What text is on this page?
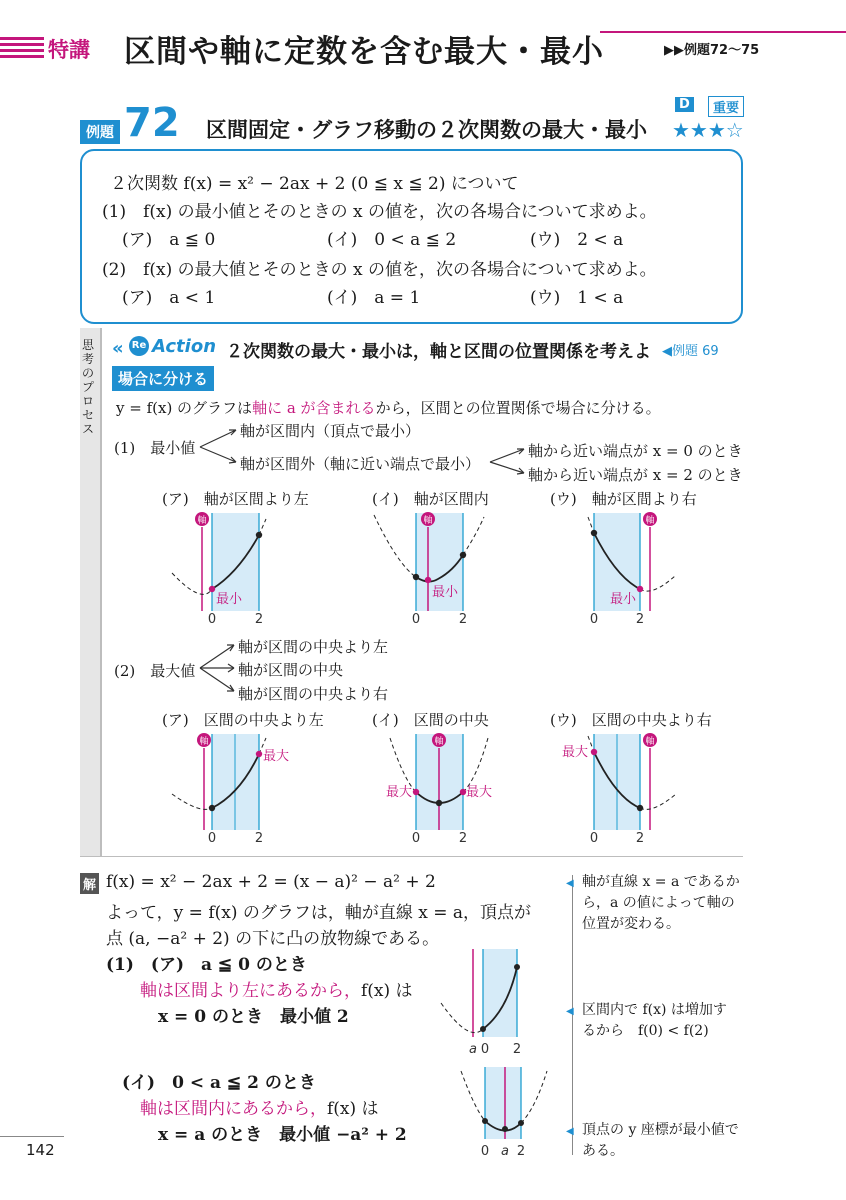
特講 区間や軸に定数を含む最大・最小	▶▶例題72〜75
例題 72 区間固定・グラフ移動の２次関数の最大・最小
D	重要
★★★☆
２次関数 f(x) = x² − 2ax + 2 (0 ≦ x ≦ 2) について
(1)　f(x) の最小値とそのときの x の値を，次の各場合について求めよ。
(ア)　a ≦ 0	(イ)　0 < a ≦ 2	(ウ)　2 < a
(2)　f(x) の最大値とそのときの x の値を，次の各場合について求めよ。
(ア)　a < 1	(イ)　a = 1	(ウ)　1 < a
思考のプロセス
« Re Action ２次関数の最大・最小は，軸と区間の位置関係を考えよ ◀例題 69
場合に分ける
y = f(x) のグラフは軸に a が含まれるから，区間との位置関係で場合に分ける。
(1)　最小値
軸が区間内（頂点で最小）
軸が区間外（軸に近い端点で最小）
軸から近い端点が x = 0 のとき
軸から近い端点が x = 2 のとき
(ア)　軸が区間より左	(イ)　軸が区間内	(ウ)　軸が区間より右
軸
最小
0	2
軸
最小
0	2
軸
最小
0	2
(2)　最大値
軸が区間の中央より左
軸が区間の中央
軸が区間の中央より右
(ア)　区間の中央より左	(イ)　区間の中央	(ウ)　区間の中央より右
軸
最大
0	2
軸
最大	最大
0	2
軸
最大
0	2
解 f(x) = x² − 2ax + 2 = (x − a)² − a² + 2
よって，y = f(x) のグラフは，軸が直線 x = a，頂点が
点 (a, −a² + 2) の下に凸の放物線である。
(1)　(ア)　a ≦ 0 のとき
軸は区間より左にあるから，f(x) は
x = 0 のとき　最小値 2
(イ)　0 < a ≦ 2 のとき
軸は区間内にあるから，f(x) は
x = a のとき　最小値 −a² + 2
a 0 2
0 a 2
◀ 軸が直線 x = a であるか
ら，a の値によって軸の
位置が変わる。
◀ 区間内で f(x) は増加す
るから　f(0) < f(2)
◀ 頂点の y 座標が最小値で
ある。
142
